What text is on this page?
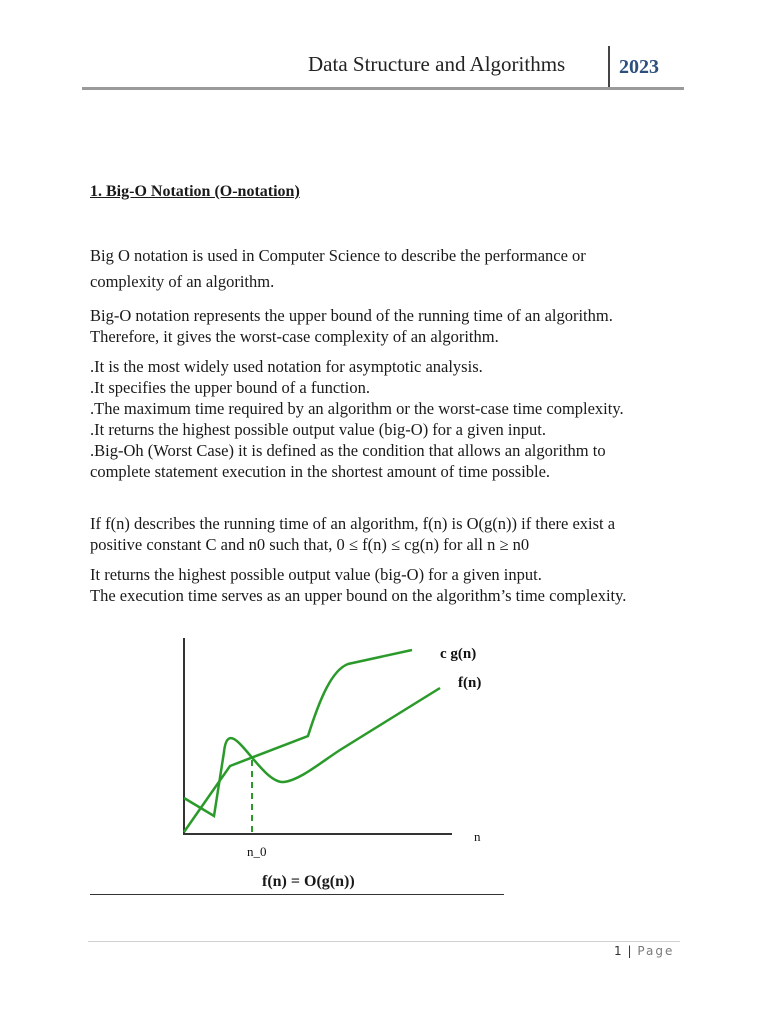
Data Structure and Algorithms	2023
1. Big-O Notation (O-notation)
Big O notation is used in Computer Science to describe the performance or
complexity of an algorithm.
Big-O notation represents the upper bound of the running time of an algorithm.
Therefore, it gives the worst-case complexity of an algorithm.
.It is the most widely used notation for asymptotic analysis.
.It specifies the upper bound of a function.
.The maximum time required by an algorithm or the worst-case time complexity.
.It returns the highest possible output value (big-O) for a given input.
.Big-Oh (Worst Case) it is defined as the condition that allows an algorithm to
complete statement execution in the shortest amount of time possible.
If f(n) describes the running time of an algorithm, f(n) is O(g(n)) if there exist a
positive constant C and n0 such that, 0 ≤ f(n) ≤ cg(n) for all n ≥ n0
It returns the highest possible output value (big-O) for a given input.
The execution time serves as an upper bound on the algorithm’s time complexity.
c g(n)
f(n)
n
n_0
f(n) = O(g(n))
1 | Page
